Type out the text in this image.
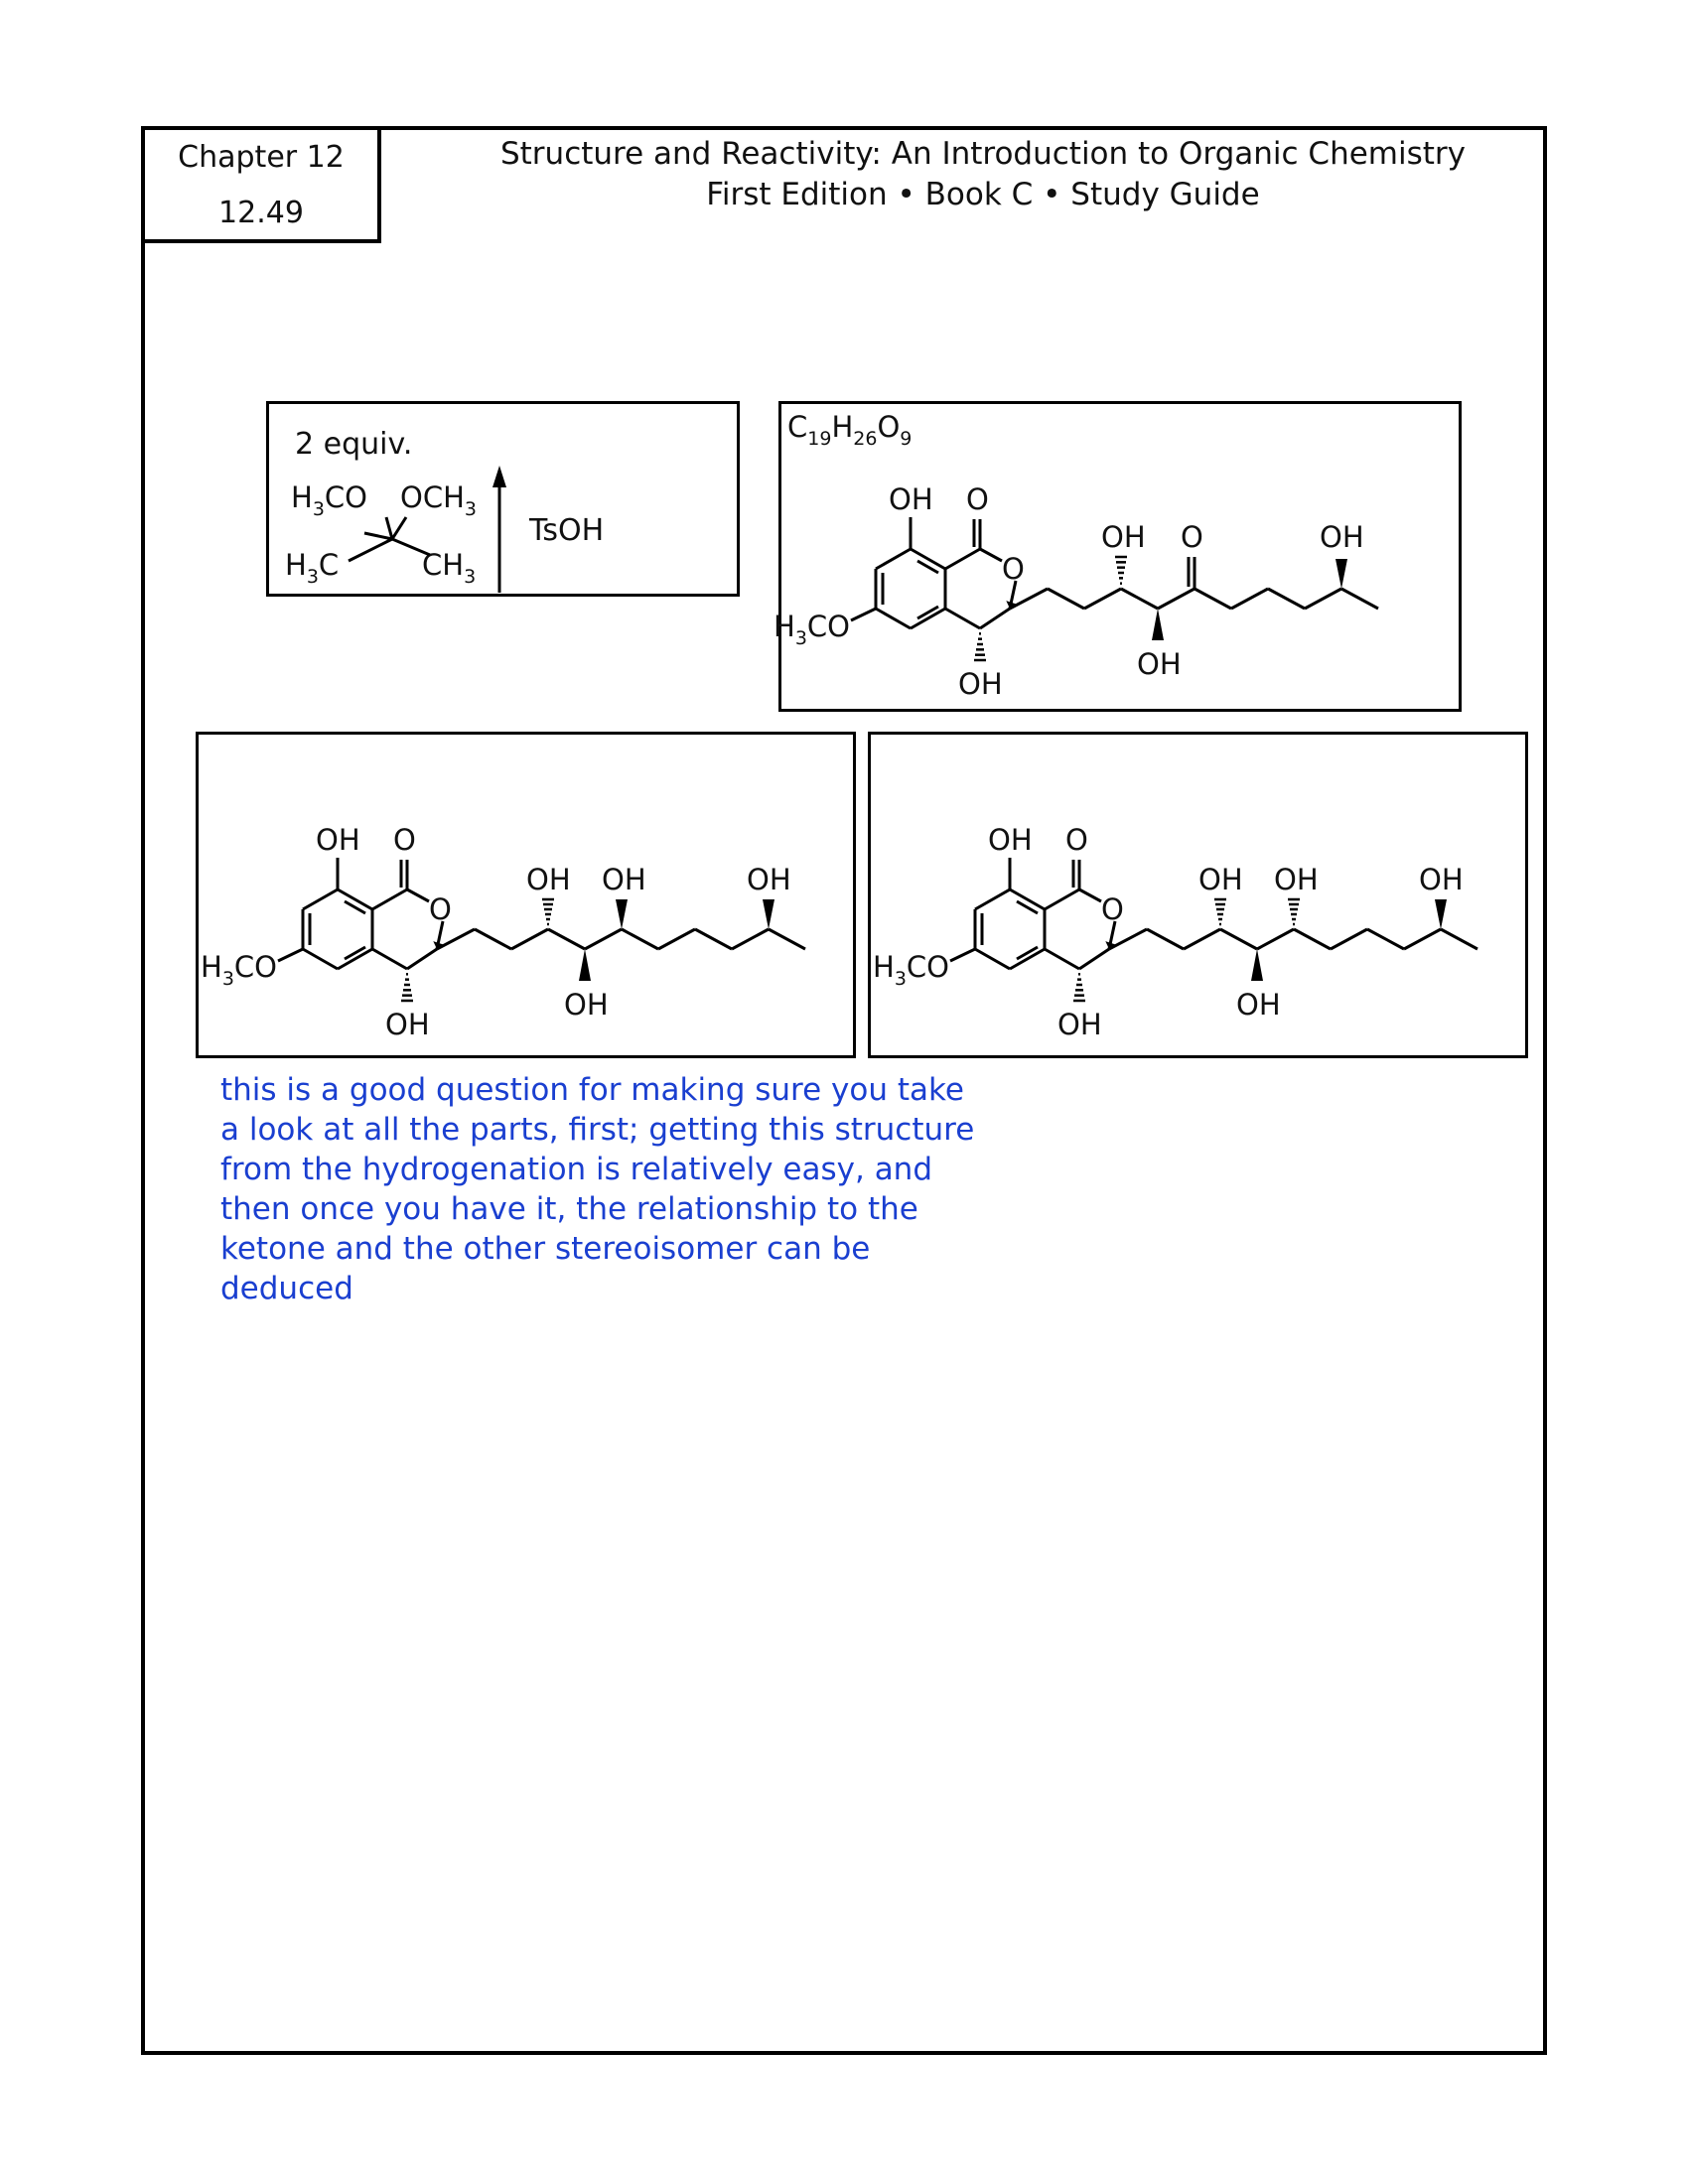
Chapter 12
12.49
Structure and Reactivity: An Introduction to Organic Chemistry
First Edition • Book C • Study Guide
2 equiv.
$H_3CO$ $OCH_3$
$H_3C$	$CH_3$
TsOH
$C_{19}H_{26}O_9$
OH
$H_3CO$
O
O
OH
OH
OH
O	OH
OH
$H_3CO$
O
O
OH
OH
OH
OH	OH
OH
$H_3CO$
O
O
OH
OH
OH
OH	OH
this is a good question for making sure you take a look at all the parts, first; getting this structure from the hydrogenation is relatively easy, and then once you have it, the relationship to the ketone and the other stereoisomer can be deduced
